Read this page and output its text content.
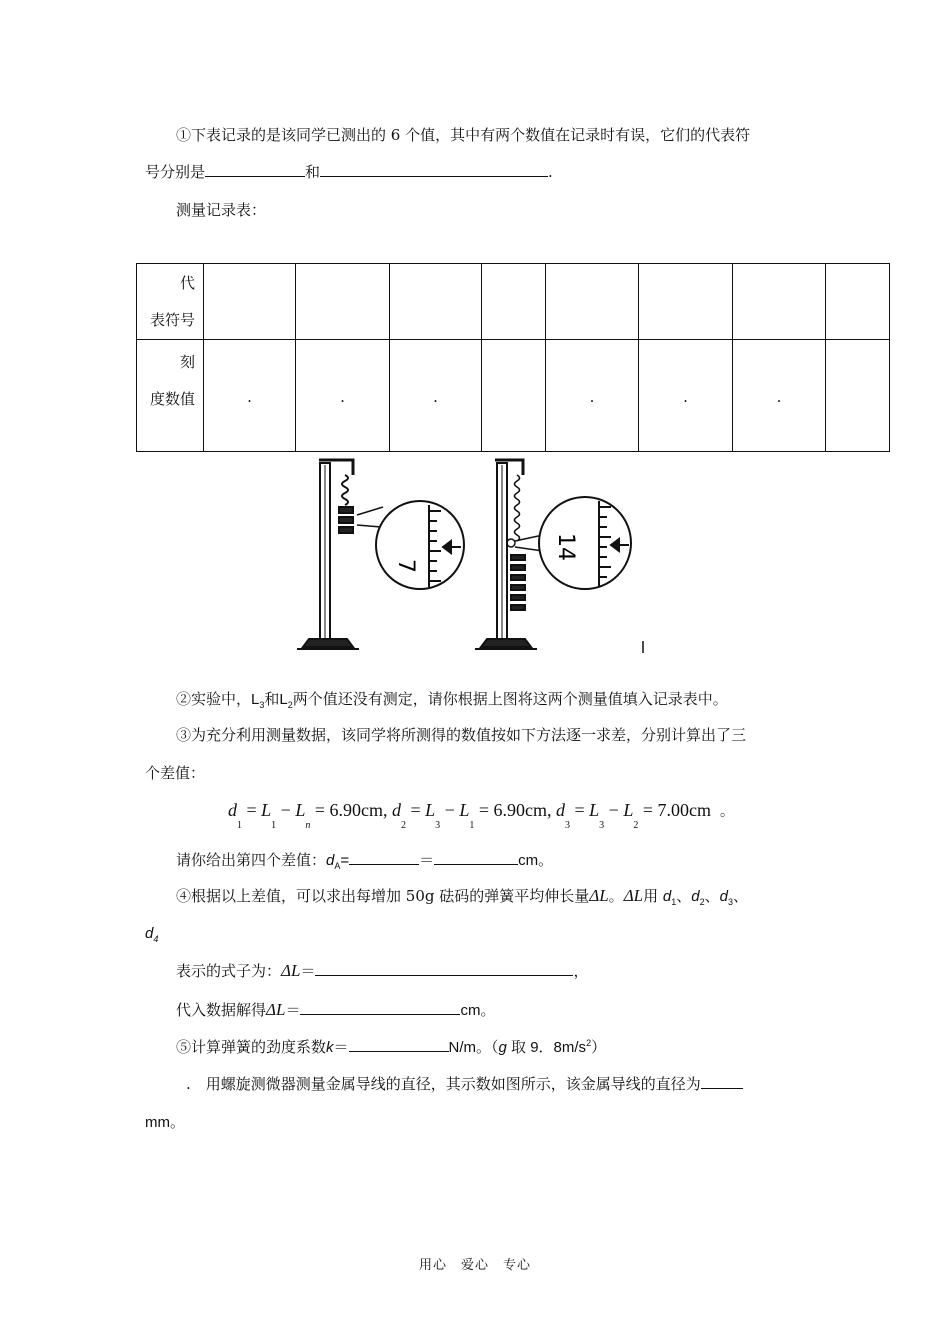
①下表记录的是该同学已测出的 6 个值，其中有两个数值在记录时有误，它们的代表符
号分别是	和	.
测量记录表：
代
表符号								

刻
度数值	.	.	.		.	.	.	
7
14
②实验中，$L_3$和$L_2$两个值还没有测定，请你根据上图将这两个测量值填入记录表中。
③为充分利用测量数据，该同学将所测得的数值按如下方法逐一求差，分别计算出了三
个差值：
$d_1 = L_1 - L_n = 6.90cm$, $d_2 = L_3 - L_1 = 6.90cm$, $d_3 = L_3 - L_2 = 7.00cm$ 。
请你给出第四个差值：$d_A=$	＝	cm。
④根据以上差值，可以求出每增加 50g 砝码的弹簧平均伸长量ΔL。ΔL用 $d_1$、$d_2$、$d_3$、
$d_4$
表示的式子为：ΔL＝	，
代入数据解得ΔL＝	cm。
⑤计算弹簧的劲度系数k＝	N/m。（g 取 9．$8m/s^2$）
.　用螺旋测微器测量金属导线的直径，其示数如图所示，该金属导线的直径为
mm。
用心　爱心　专心
